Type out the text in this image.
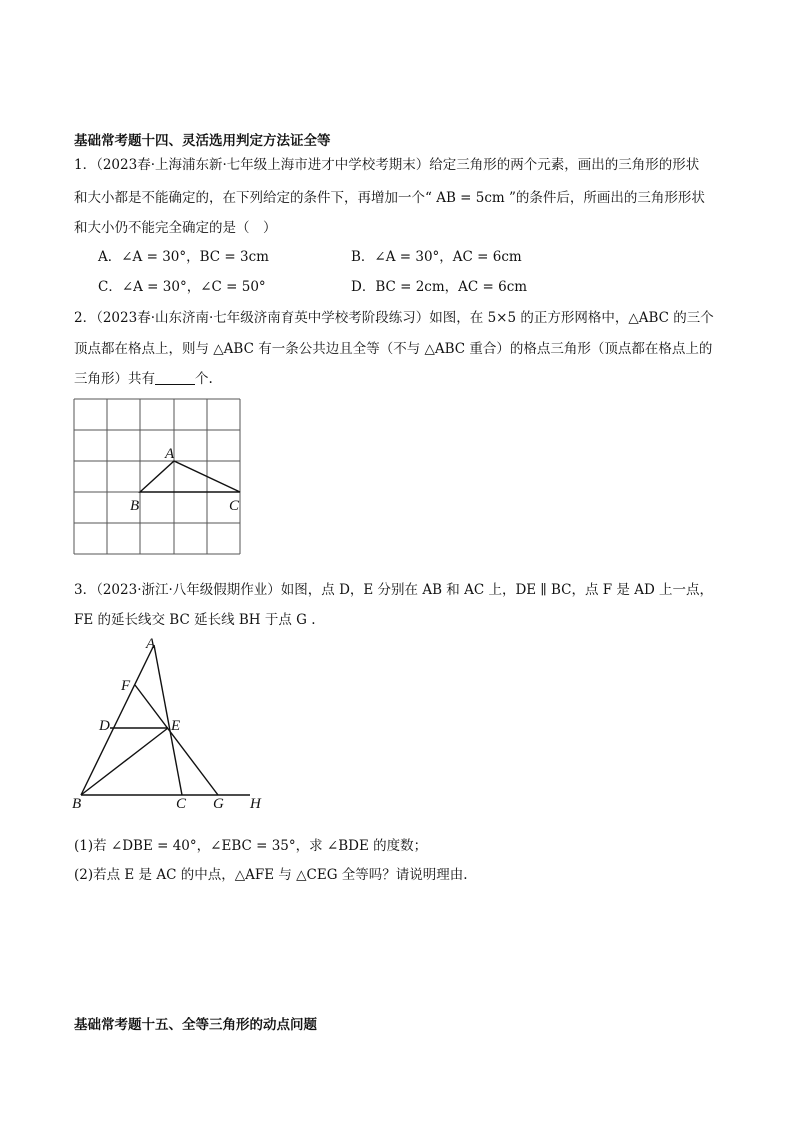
基础常考题十四、灵活选用判定方法证全等
1．（2023春·上海浦东新·七年级上海市进才中学校考期末）给定三角形的两个元素，画出的三角形的形状
和大小都是不能确定的，在下列给定的条件下，再增加一个“ AB = 5cm ”的条件后，所画出的三角形形状
和大小仍不能完全确定的是（　）
A．∠A = 30°，BC = 3cm	B．∠A = 30°，AC = 6cm
C．∠A = 30°，∠C = 50°	D．BC = 2cm，AC = 6cm
2．（2023春·山东济南·七年级济南育英中学校考阶段练习）如图，在 5×5 的正方形网格中，△ABC 的三个
顶点都在格点上，则与 △ABC 有一条公共边且全等（不与 △ABC 重合）的格点三角形（顶点都在格点上的
三角形）共有	个.
A
B	C
3．（2023·浙江·八年级假期作业）如图，点 D，E 分别在 AB 和 AC 上，DE ∥ BC，点 F 是 AD 上一点，
FE 的延长线交 BC 延长线 BH 于点 G .
A
F
D	E
B	C G H
(1)若 ∠DBE = 40°，∠EBC = 35°，求 ∠BDE 的度数；
(2)若点 E 是 AC 的中点，△AFE 与 △CEG 全等吗？请说明理由.
基础常考题十五、全等三角形的动点问题
